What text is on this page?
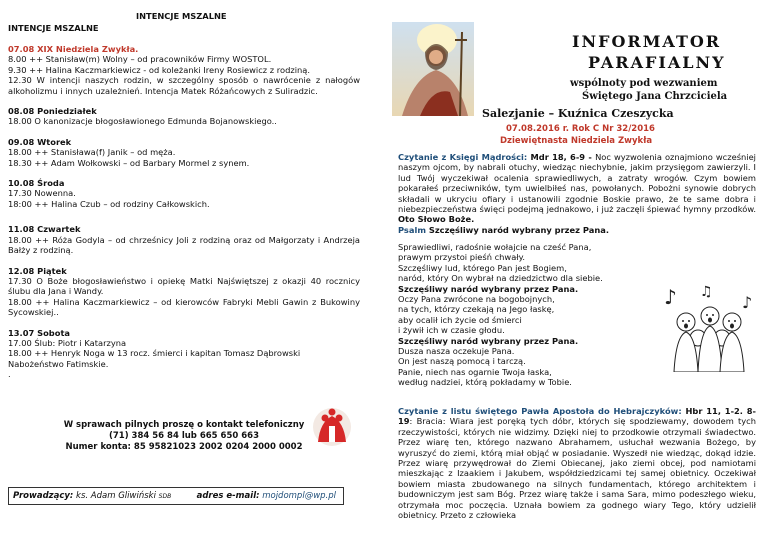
INTENCJE MSZALNE
INTENCJE MSZALNE

07.08 XIX Niedziela Zwykła.

8.00 ++ Stanisław(m) Wolny – od pracowników Firmy WOSTOL.

9.30 ++ Halina Kaczmarkiewicz - od koleżanki Ireny Rosiewicz z rodziną.

12.30 W intencji naszych rodzin, w szczególny sposób o nawrócenie z nałogów alkoholizmu i innych uzależnień. Intencja Matek Różańcowych z Suliradzic.

08.08 Poniedziałek

18.00 O kanonizacje błogosławionego Edmunda Bojanowskiego..

09.08 Wtorek

18.00 ++ Stanisława(f) Janik – od męża.

18.30 ++ Adam Wołkowski – od Barbary Mormel z synem.

10.08 Środa

17.30 Nowenna.

18:00 ++ Halina Czub – od rodziny Całkowskich.

11.08 Czwartek

18.00 ++ Róża Godyla – od chrześnicy Joli z rodziną oraz od Małgorzaty i Andrzeja Bałży z rodziną.

12.08 Piątek

17.30 O Boże błogosławieństwo i opiekę Matki Najświętszej z okazji 40 rocznicy ślubu dla Jana i Wandy.

18.00 ++ Halina Kaczmarkiewicz – od kierowców Fabryki Mebli Gawin z Bukowiny Sycowskiej..

13.07 Sobota

17.00 Ślub: Piotr i Katarzyna

18.00 ++ Henryk Noga w 13 rocz. śmierci i kapitan Tomasz Dąbrowski

Nabożeństwo Fatimskie.

.

W sprawach pilnych proszę o kontakt telefoniczny

(71) 384 56 84 lub 665 650 663

Numer konta: 85 95821023 2002 0204 2000 0002

Prowadzący: ks. Adam Gliwiński SDB	adres e-mail: mojdompl@wp.pl
INFORMATOR
PARAFIALNY
wspólnoty pod wezwaniem
Świętego Jana Chrzciciela
Salezjanie – Kuźnica Czeszycka
07.08.2016 r. Rok C Nr 32/2016
Dziewiętnasta Niedziela Zwykła
Czytanie z Księgi Mądrości: Mdr 18, 6-9 - Noc wyzwolenia oznajmiono wcześniej naszym ojcom, by nabrali otuchy, wiedząc niechybnie, jakim przysięgom zawierzyli. I lud Twój wyczekiwał ocalenia sprawiedliwych, a zatraty wrogów. Czym bowiem pokarałeś przeciwników, tym uwielbiłeś nas, powołanych. Pobożni synowie dobrych składali w ukryciu ofiary i ustanowili zgodnie Boskie prawo, że te same dobra i niebezpieczeństwa święci podejmą jednakowo, i już zaczęli śpiewać hymny przodków. Oto Słowo Boże.
Psalm Szczęśliwy naród wybrany przez Pana.

Sprawiedliwi, radośnie wołajcie na cześć Pana,

prawym przystoi pieśń chwały.

Szczęśliwy lud, którego Pan jest Bogiem,

naród, który On wybrał na dziedzictwo dla siebie.

Szczęśliwy naród wybrany przez Pana.

Oczy Pana zwrócone na bogobojnych,

na tych, którzy czekają na Jego łaskę,

aby ocalił ich życie od śmierci

i żywił ich w czasie głodu.

Szczęśliwy naród wybrany przez Pana.

Dusza nasza oczekuje Pana.

On jest naszą pomocą i tarczą.

Panie, niech nas ogarnie Twoja łaska,

według nadziei, którą pokładamy w Tobie.

♪ ♫
♪
Czytanie z listu świętego Pawła Apostoła do Hebrajczyków: Hbr 11, 1-2. 8-19: Bracia: Wiara jest poręką tych dóbr, których się spodziewamy, dowodem tych rzeczywistości, których nie widzimy. Dzięki niej to przodkowie otrzymali świadectwo. Przez wiarę ten, którego nazwano Abrahamem, usłuchał wezwania Bożego, by wyruszyć do ziemi, którą miał objąć w posiadanie. Wyszedł nie wiedząc, dokąd idzie. Przez wiarę przywędrował do Ziemi Obiecanej, jako ziemi obcej, pod namiotami mieszkając z Izaakiem i Jakubem, współdziedzicami tej samej obietnicy. Oczekiwał bowiem miasta zbudowanego na silnych fundamentach, którego architektem i budowniczym jest sam Bóg. Przez wiarę także i sama Sara, mimo podeszłego wieku, otrzymała moc poczęcia. Uznała bowiem za godnego wiary Tego, który udzielił obietnicy. Przeto z człowieka
